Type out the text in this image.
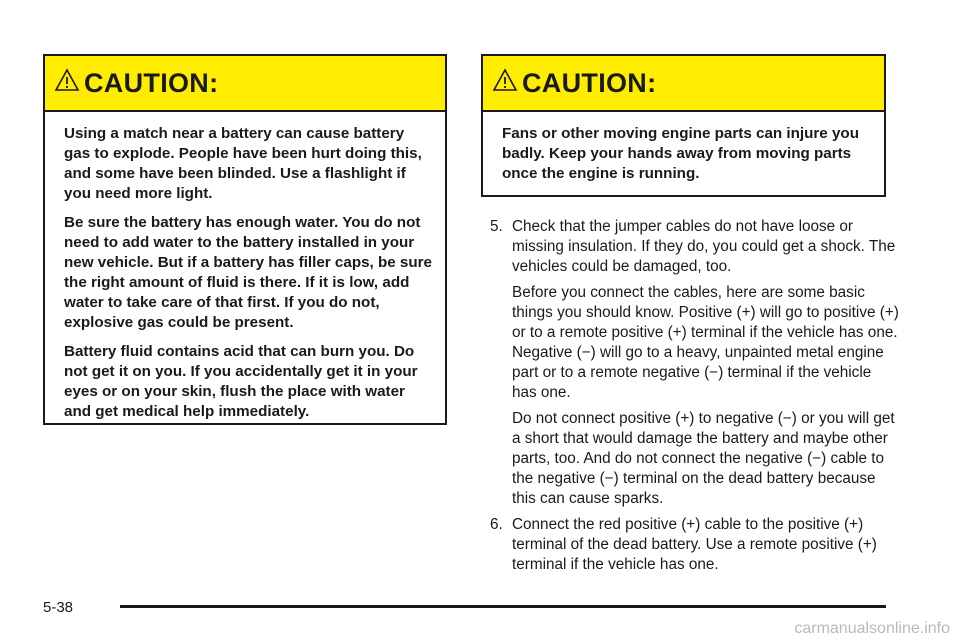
CAUTION:

Using a match near a battery can cause battery gas to explode. People have been hurt doing this, and some have been blinded. Use a flashlight if you need more light.

Be sure the battery has enough water. You do not need to add water to the battery installed in your new vehicle. But if a battery has filler caps, be sure the right amount of fluid is there. If it is low, add water to take care of that first. If you do not, explosive gas could be present.

Battery fluid contains acid that can burn you. Do not get it on you. If you accidentally get it in your eyes or on your skin, flush the place with water and get medical help immediately.

CAUTION:

Fans or other moving engine parts can injure you badly. Keep your hands away from moving parts once the engine is running.

5. Check that the jumper cables do not have loose or missing insulation. If they do, you could get a shock. The vehicles could be damaged, too.

Before you connect the cables, here are some basic things you should know. Positive (+) will go to positive (+) or to a remote positive (+) terminal if the vehicle has one. Negative (−) will go to a heavy, unpainted metal engine part or to a remote negative (−) terminal if the vehicle has one.

Do not connect positive (+) to negative (−) or you will get a short that would damage the battery and maybe other parts, too. And do not connect the negative (−) cable to the negative (−) terminal on the dead battery because this can cause sparks.

6. Connect the red positive (+) cable to the positive (+) terminal of the dead battery. Use a remote positive (+) terminal if the vehicle has one.
5-38
carmanualsonline.info
